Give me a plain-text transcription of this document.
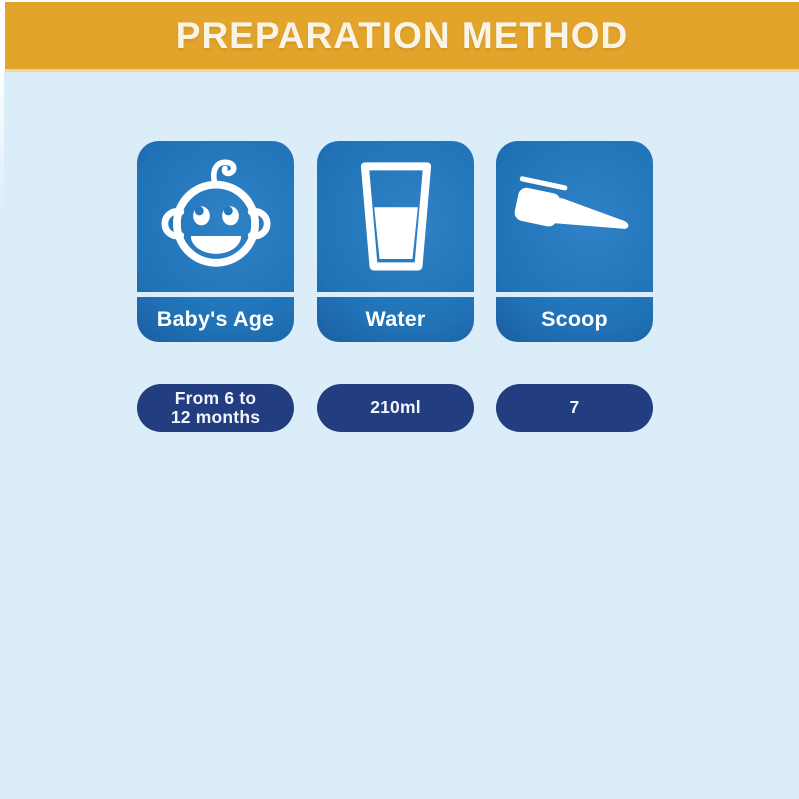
PREPARATION METHOD
Baby's Age	Water	Scoop
From 6 to
12 months	210ml	7
